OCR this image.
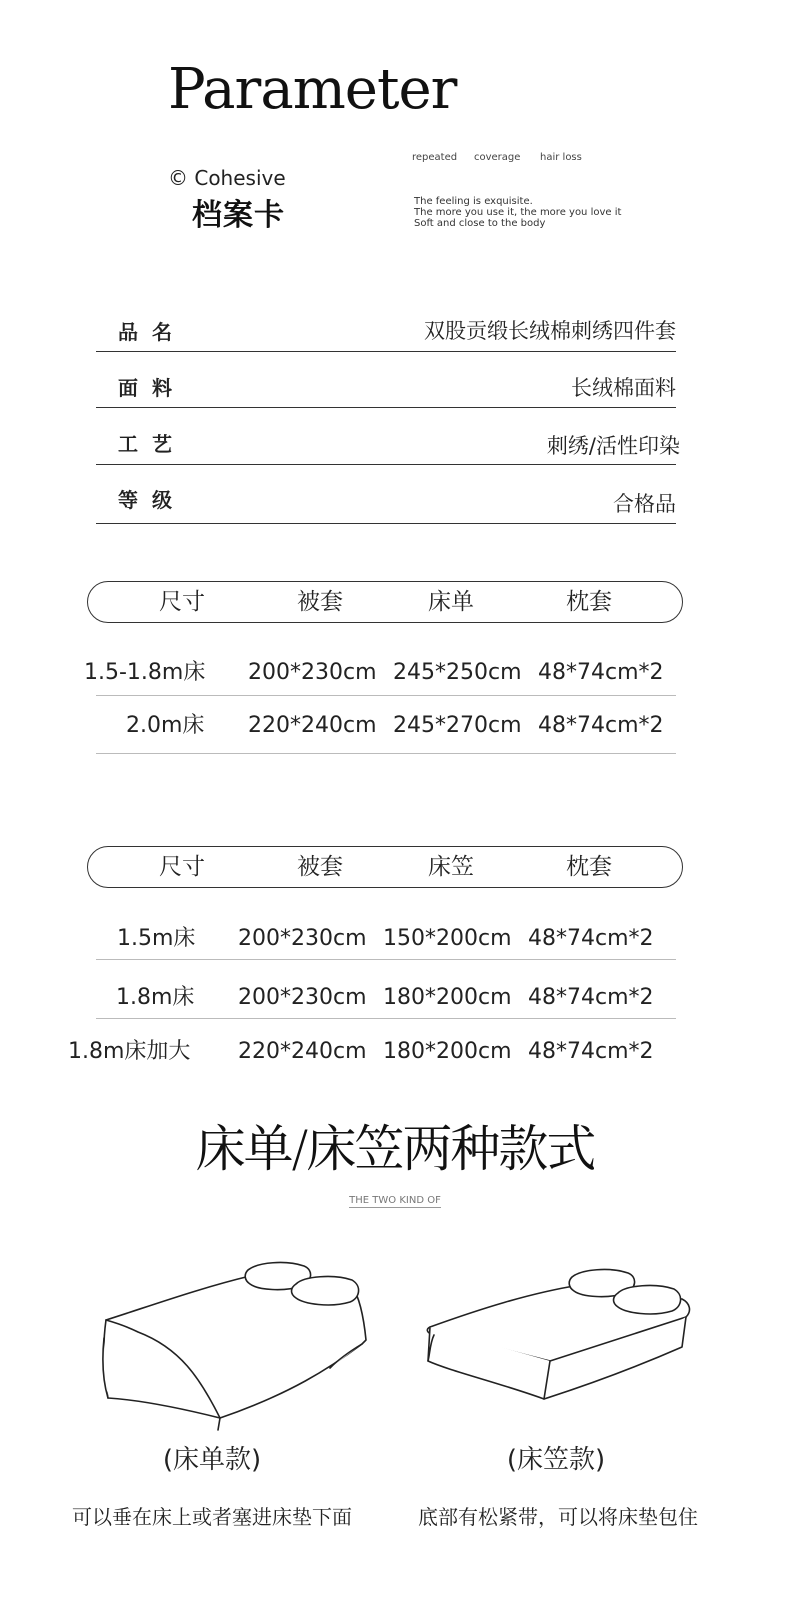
Parameter
© Cohesive
档案卡
repeated coverage hair loss
The feeling is exquisite.
The more you use it, the more you love it
Soft and close to the body
品名	双股贡缎长绒棉刺绣四件套
面料	长绒棉面料
工艺	刺绣/活性印染
等级	合格品
尺寸	被套	床单	枕套
1.5-1.8m床 200*230cm 245*250cm 48*74cm*2
2.0m床 220*240cm 245*270cm 48*74cm*2
尺寸	被套	床笠	枕套
1.5m床 200*230cm 150*200cm 48*74cm*2
1.8m床 200*230cm 180*200cm 48*74cm*2
1.8m床加大 220*240cm 180*200cm 48*74cm*2
床单/床笠两种款式
THE TWO KIND OF
(床单款)	(床笠款)
可以垂在床上或者塞进床垫下面	底部有松紧带，可以将床垫包住
